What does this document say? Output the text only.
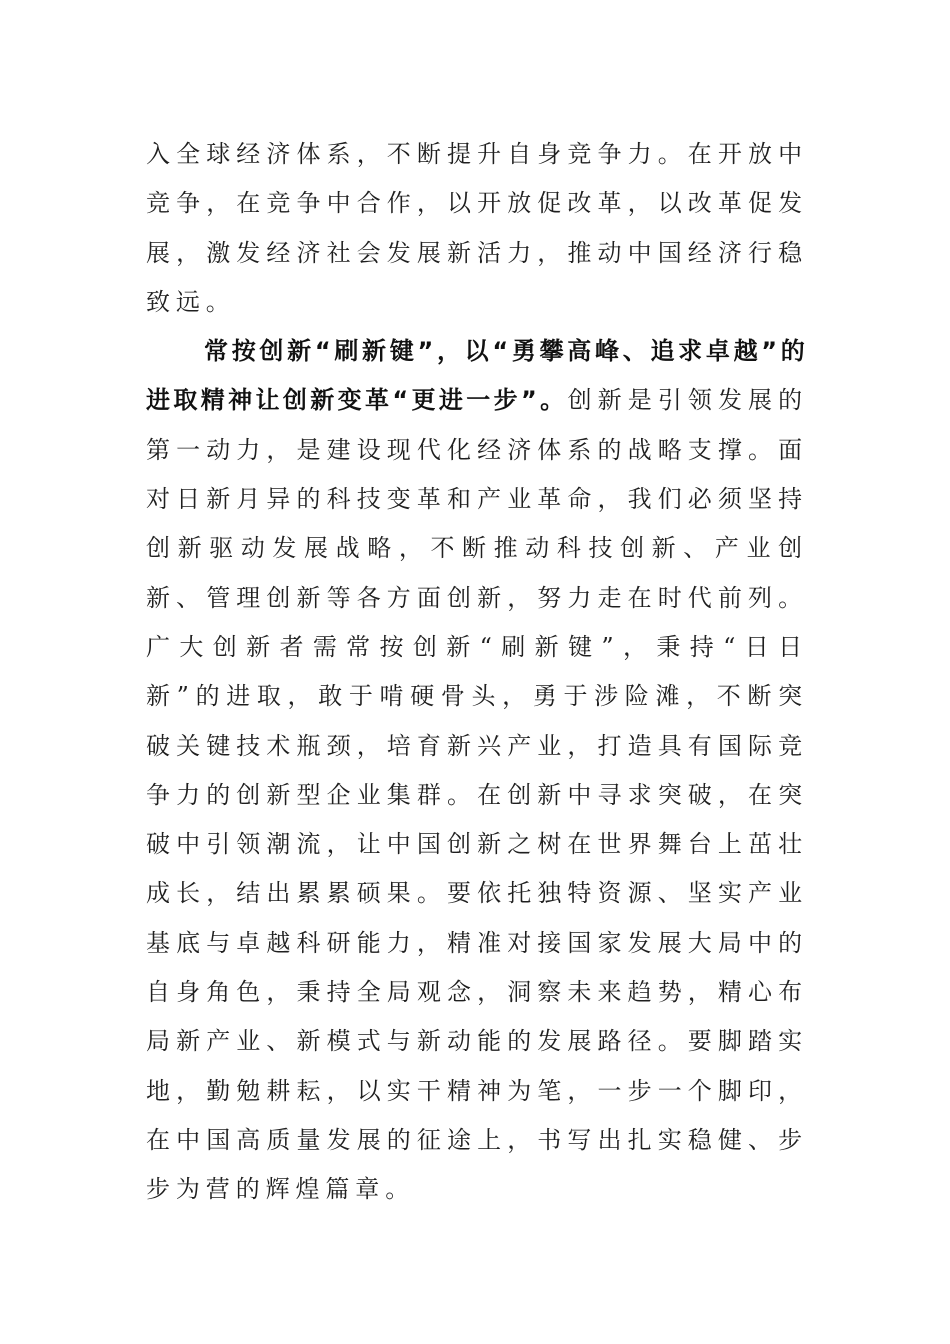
入全球经济体系，不断提升自身竞争力。在开放中竞争，在竞争中合作，以开放促改革，以改革促发展，激发经济社会发展新活力，推动中国经济行稳致远。

常按创新“刷新键”，以“勇攀高峰、追求卓越”的进取精神让创新变革“更进一步”。创新是引领发展的第一动力，是建设现代化经济体系的战略支撑。面对日新月异的科技变革和产业革命，我们必须坚持创新驱动发展战略，不断推动科技创新、产业创新、管理创新等各方面创新，努力走在时代前列。广大创新者需常按创新“刷新键”，秉持“日日新”的进取，敢于啃硬骨头，勇于涉险滩，不断突破关键技术瓶颈，培育新兴产业，打造具有国际竞争力的创新型企业集群。在创新中寻求突破，在突破中引领潮流，让中国创新之树在世界舞台上茁壮成长，结出累累硕果。要依托独特资源、坚实产业基底与卓越科研能力，精准对接国家发展大局中的自身角色，秉持全局观念，洞察未来趋势，精心布局新产业、新模式与新动能的发展路径。要脚踏实地，勤勉耕耘，以实干精神为笔，一步一个脚印，在中国高质量发展的征途上，书写出扎实稳健、步步为营的辉煌篇章。
